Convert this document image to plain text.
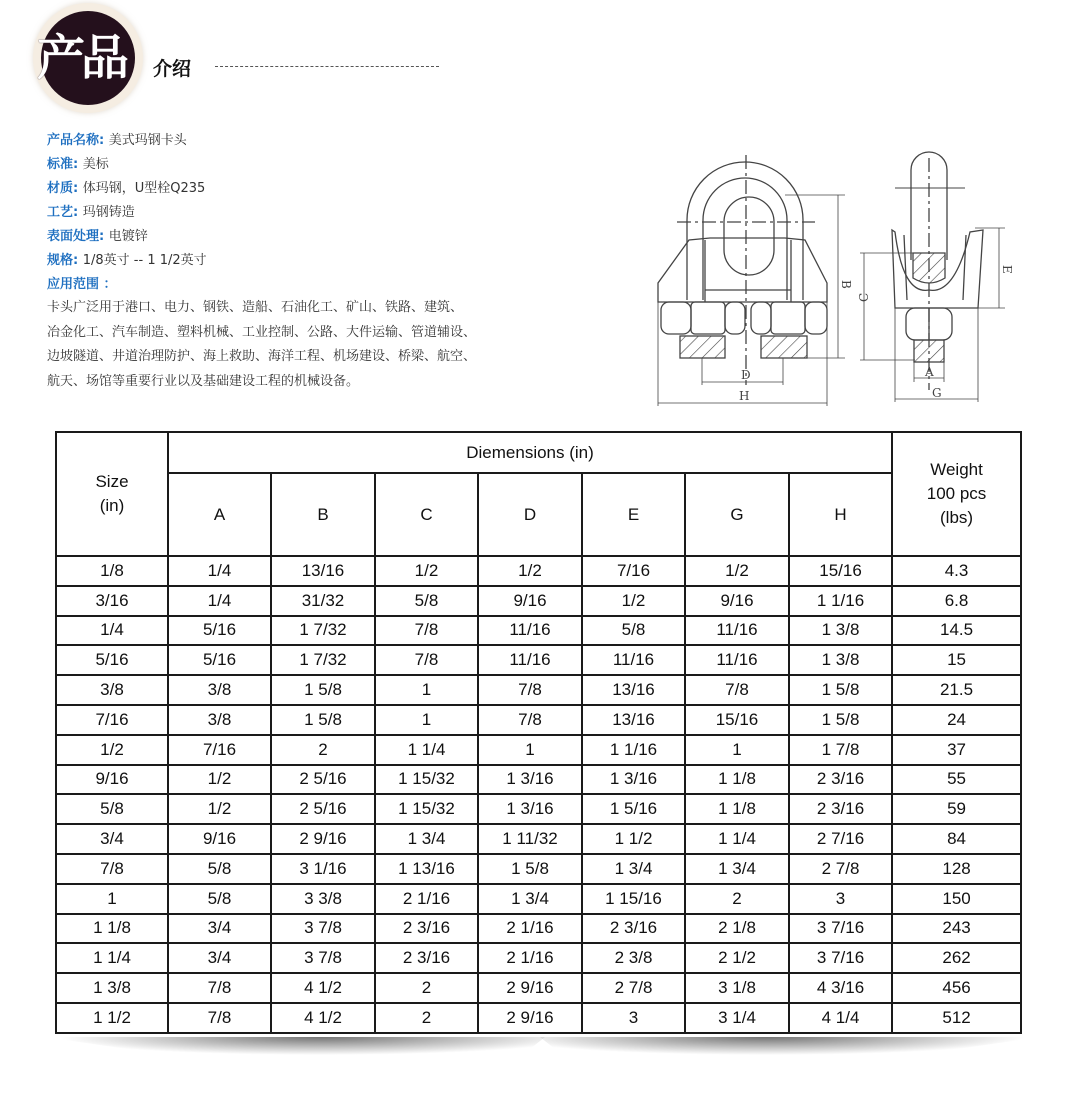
产品 介绍
产品名称: 美式玛钢卡头
标准: 美标
材质: 体玛钢，U型栓Q235
工艺: 玛钢铸造
表面处理: 电镀锌
规格: 1/8英寸 -- 1 1/2英寸
应用范围 ：
卡头广泛用于港口、电力、钢铁、造船、石油化工、矿山、铁路、建筑、
冶金化工、汽车制造、塑料机械、工业控制、公路、大件运输、管道辅设、
边坡隧道、井道治理防护、海上救助、海洋工程、机场建设、桥梁、航空、
航天、场馆等重要行业以及基础建设工程的机械设备。
B
D
H
E
C
A
G
Size
(in)
	Diemensions (in)	
Weight
100 pcs
(lbs)

	A	B	C	D	E	G	H	
1/8	1/4	13/16	1/2	1/2	7/16	1/2	15/16	4.3
3/16	1/4	31/32	5/8	9/16	1/2	9/16	1 1/16	6.8
1/4	5/16	1 7/32	7/8	11/16	5/8	11/16	1 3/8	14.5
5/16	5/16	1 7/32	7/8	11/16	11/16	11/16	1 3/8	15
3/8	3/8	1 5/8	1	7/8	13/16	7/8	1 5/8	21.5
7/16	3/8	1 5/8	1	7/8	13/16	15/16	1 5/8	24
1/2	7/16	2	1 1/4	1	1 1/16	1	1 7/8	37
9/16	1/2	2 5/16	1 15/32	1 3/16	1 3/16	1 1/8	2 3/16	55
5/8	1/2	2 5/16	1 15/32	1 3/16	1 5/16	1 1/8	2 3/16	59
3/4	9/16	2 9/16	1 3/4	1 11/32	1 1/2	1 1/4	2 7/16	84
7/8	5/8	3 1/16	1 13/16	1 5/8	1 3/4	1 3/4	2 7/8	128
1	5/8	3 3/8	2 1/16	1 3/4	1 15/16	2	3	150
1 1/8	3/4	3 7/8	2 3/16	2 1/16	2 3/16	2 1/8	3 7/16	243
1 1/4	3/4	3 7/8	2 3/16	2 1/16	2 3/8	2 1/2	3 7/16	262
1 3/8	7/8	4 1/2	2	2 9/16	2 7/8	3 1/8	4 3/16	456
1 1/2	7/8	4 1/2	2	2 9/16	3	3 1/4	4 1/4	512
